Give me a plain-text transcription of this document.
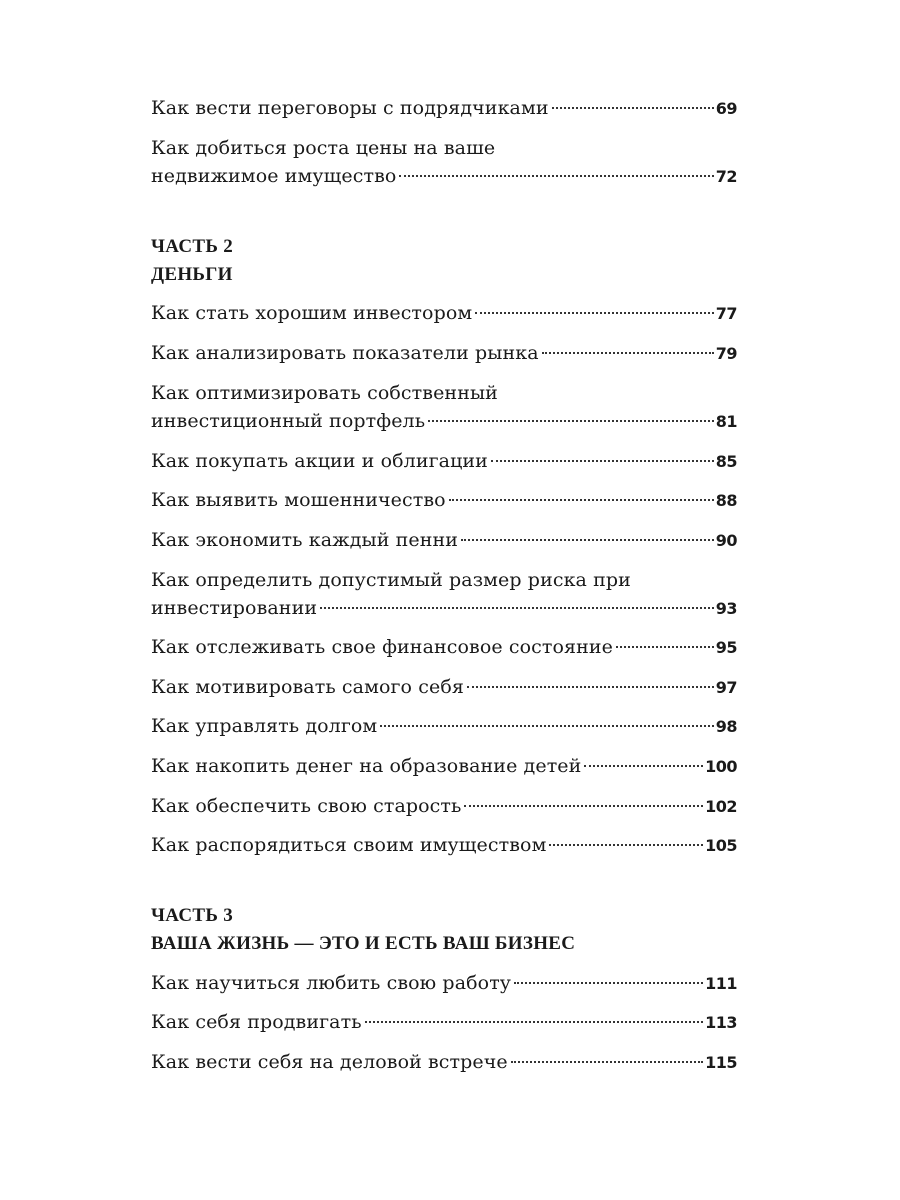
Как вести переговоры с подрядчиками	69
Как добиться роста цены на ваше
недвижимое имущество	72
ЧАСТЬ 2
ДЕНЬГИ
Как стать хорошим инвестором	77
Как анализировать показатели рынка	79
Как оптимизировать собственный
инвестиционный портфель	81
Как покупать акции и облигации	85
Как выявить мошенничество	88
Как экономить каждый пенни	90
Как определить допустимый размер риска при
инвестировании	93
Как отслеживать свое финансовое состояние	95
Как мотивировать самого себя	97
Как управлять долгом	98
Как накопить денег на образование детей	100
Как обеспечить свою старость	102
Как распорядиться своим имуществом	105
ЧАСТЬ 3
ВАША ЖИЗНЬ — ЭТО И ЕСТЬ ВАШ БИЗНЕС
Как научиться любить свою работу	111
Как себя продвигать	113
Как вести себя на деловой встрече	115
